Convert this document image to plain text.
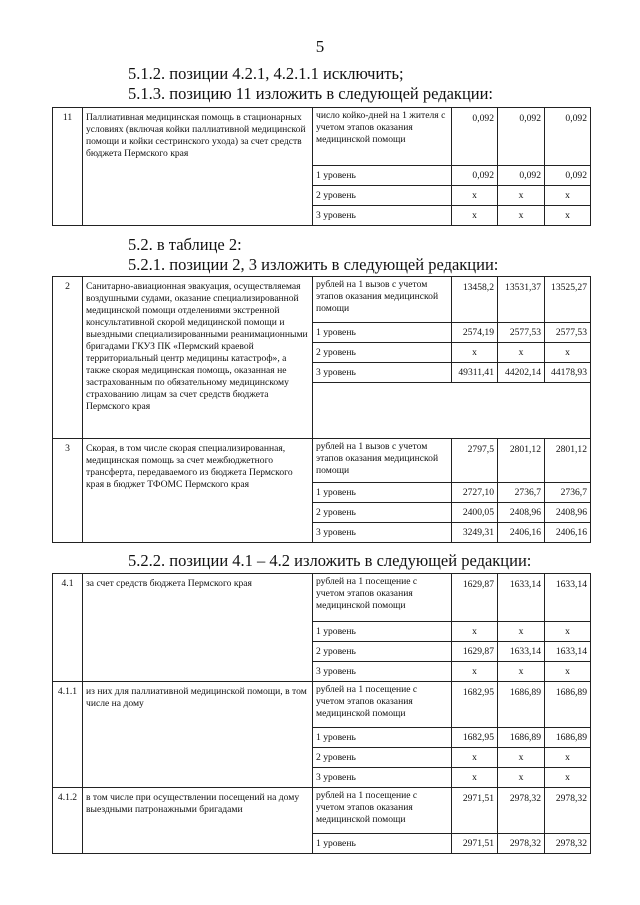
5
5.1.2. позиции 4.2.1, 4.2.1.1 исключить;
5.1.3. позицию 11 изложить в следующей редакции:
11	Паллиативная медицинская помощь в стационарных условиях (включая койки паллиативной медицинской помощи и койки сестринского ухода) за счет средств бюджета Пермского края	число койко-дней на 1 жителя с учетом этапов оказания медицинской помощи	0,092	0,092	0,092
		1 уровень	0,092	0,092	0,092
		2 уровень	х	х	х
		3 уровень	х	х	х
5.2. в таблице 2:
5.2.1. позиции 2, 3 изложить в следующей редакции:
2	Санитарно-авиационная эвакуация, осуществляемая воздушными судами, оказание специализированной медицинской помощи отделениями экстренной консультативной скорой медицинской помощи и выездными специализированными реанимационными бригадами ГКУЗ ПК «Пермский краевой территориальный центр медицины катастроф», а также скорая медицинская помощь, оказанная не застрахованным по обязательному медицинскому страхованию лицам за счет средств бюджета Пермского края	рублей на 1 вызов с учетом этапов оказания медицинской помощи	13458,2	13531,37	13525,27
		1 уровень	2574,19	2577,53	2577,53
		2 уровень	х	х	х
		3 уровень	49311,41	44202,14	44178,93

3	Скорая, в том числе скорая специализированная, медицинская помощь за счет межбюджетного трансферта, передаваемого из бюджета Пермского края в бюджет ТФОМС Пермского края	рублей на 1 вызов с учетом этапов оказания медицинской помощи	2797,5	2801,12	2801,12
		1 уровень	2727,10	2736,7	2736,7
		2 уровень	2400,05	2408,96	2408,96
		3 уровень	3249,31	2406,16	2406,16
5.2.2. позиции 4.1 – 4.2 изложить в следующей редакции:
4.1	за счет средств бюджета Пермского края	рублей на 1 посещение с учетом этапов оказания медицинской помощи	1629,87	1633,14	1633,14
		1 уровень	х	х	х
		2 уровень	1629,87	1633,14	1633,14
		3 уровень	х	х	х
4.1.1	из них для паллиативной медицинской помощи, в том числе на дому	рублей на 1 посещение с учетом этапов оказания медицинской помощи	1682,95	1686,89	1686,89
		1 уровень	1682,95	1686,89	1686,89
		2 уровень	х	х	х
		3 уровень	х	х	х
4.1.2	в том числе при осуществлении посещений на дому выездными патронажными бригадами	рублей на 1 посещение с учетом этапов оказания медицинской помощи	2971,51	2978,32	2978,32
		1 уровень	2971,51	2978,32	2978,32
